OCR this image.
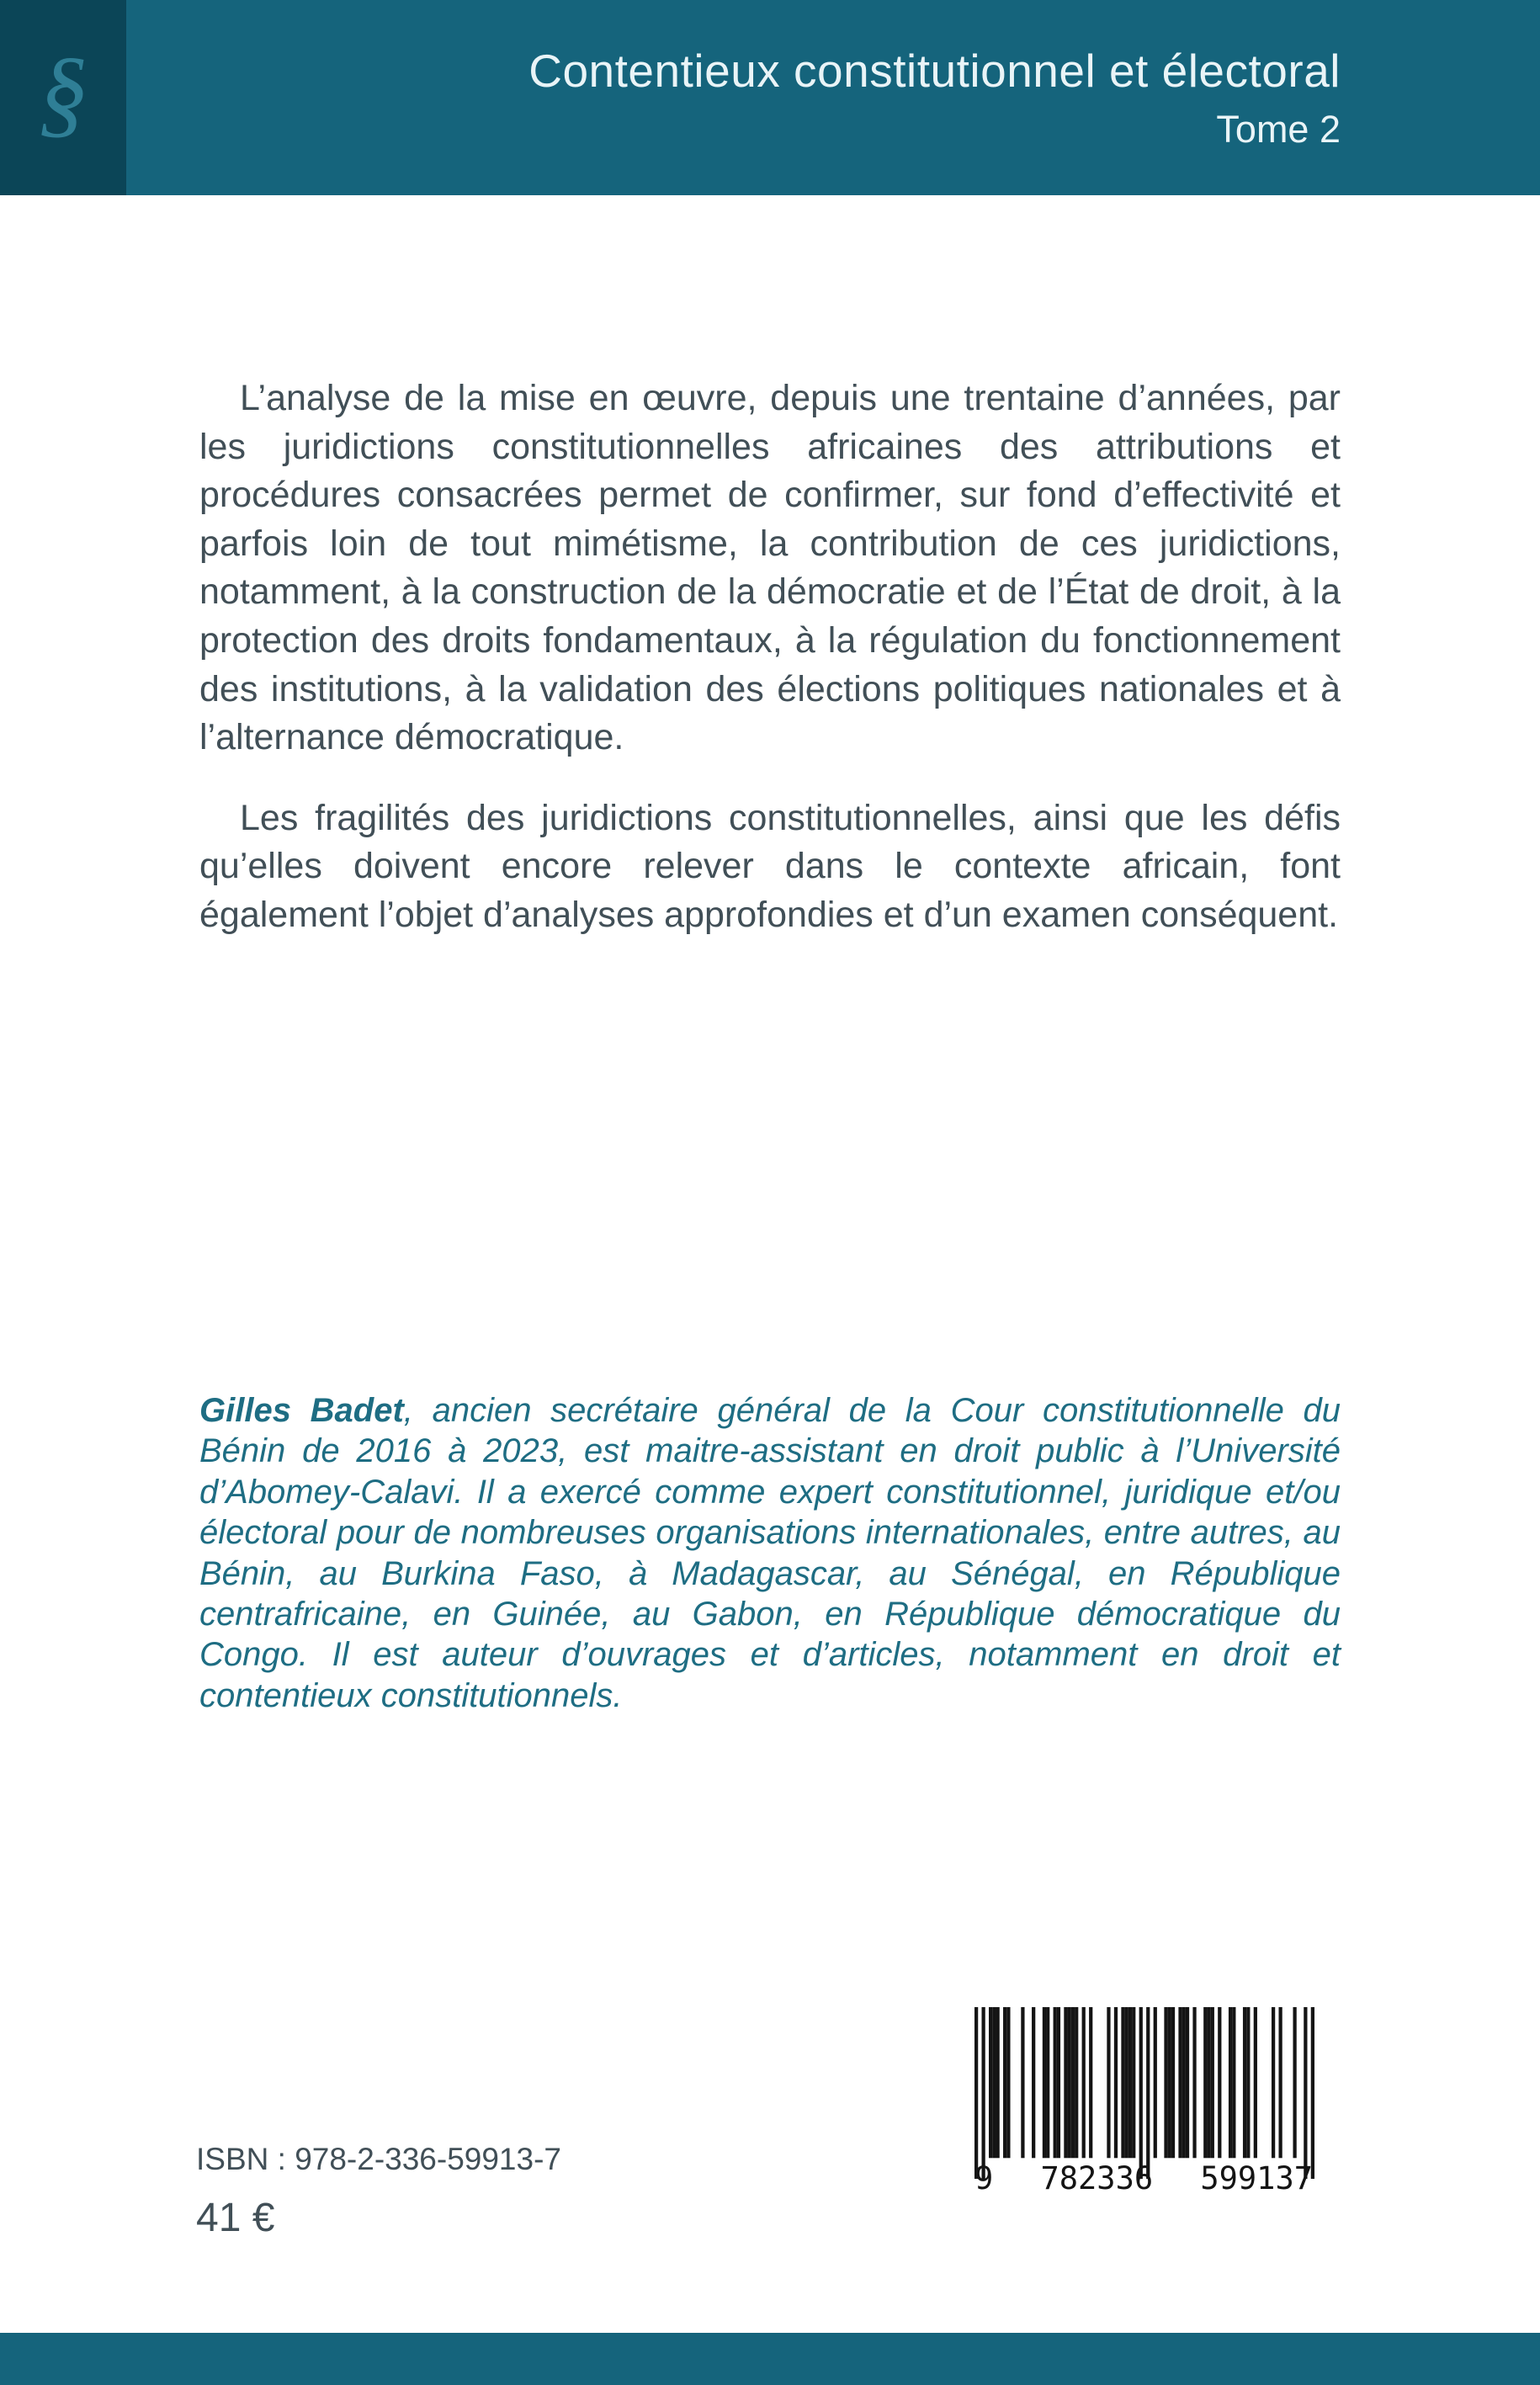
§	Contentieux constitutionnel et électoral
Tome 2

L’analyse de la mise en œuvre, depuis une trentaine d’années, par les juridictions constitutionnelles africaines des attributions et procédures consacrées permet de confirmer, sur fond d’effectivité et parfois loin de tout mimétisme, la contribution de ces juridictions, notamment, à la construction de la démocratie et de l’État de droit, à la protection des droits fondamentaux, à la régulation du fonctionnement des institutions, à la validation des élections politiques nationales et à l’alternance démocratique.

Les fragilités des juridictions constitutionnelles, ainsi que les défis qu’elles doivent encore relever dans le contexte africain, font également l’objet d’analyses approfondies et d’un examen conséquent.

Gilles Badet, ancien secrétaire général de la Cour constitutionnelle du Bénin de 2016 à 2023, est maitre-assistant en droit public à l’Université d’Abomey-Calavi. Il a exercé comme expert constitutionnel, juridique et/ou électoral pour de nombreuses organisations internationales, entre autres, au Bénin, au Burkina Faso, à Madagascar, au Sénégal, en République centrafricaine, en Guinée, au Gabon, en République démocratique du Congo. Il est auteur d’ouvrages et d’articles, notamment en droit et contentieux constitutionnels.
ISBN : 978-2-336-59913-7
41 €
9 782336 599137
